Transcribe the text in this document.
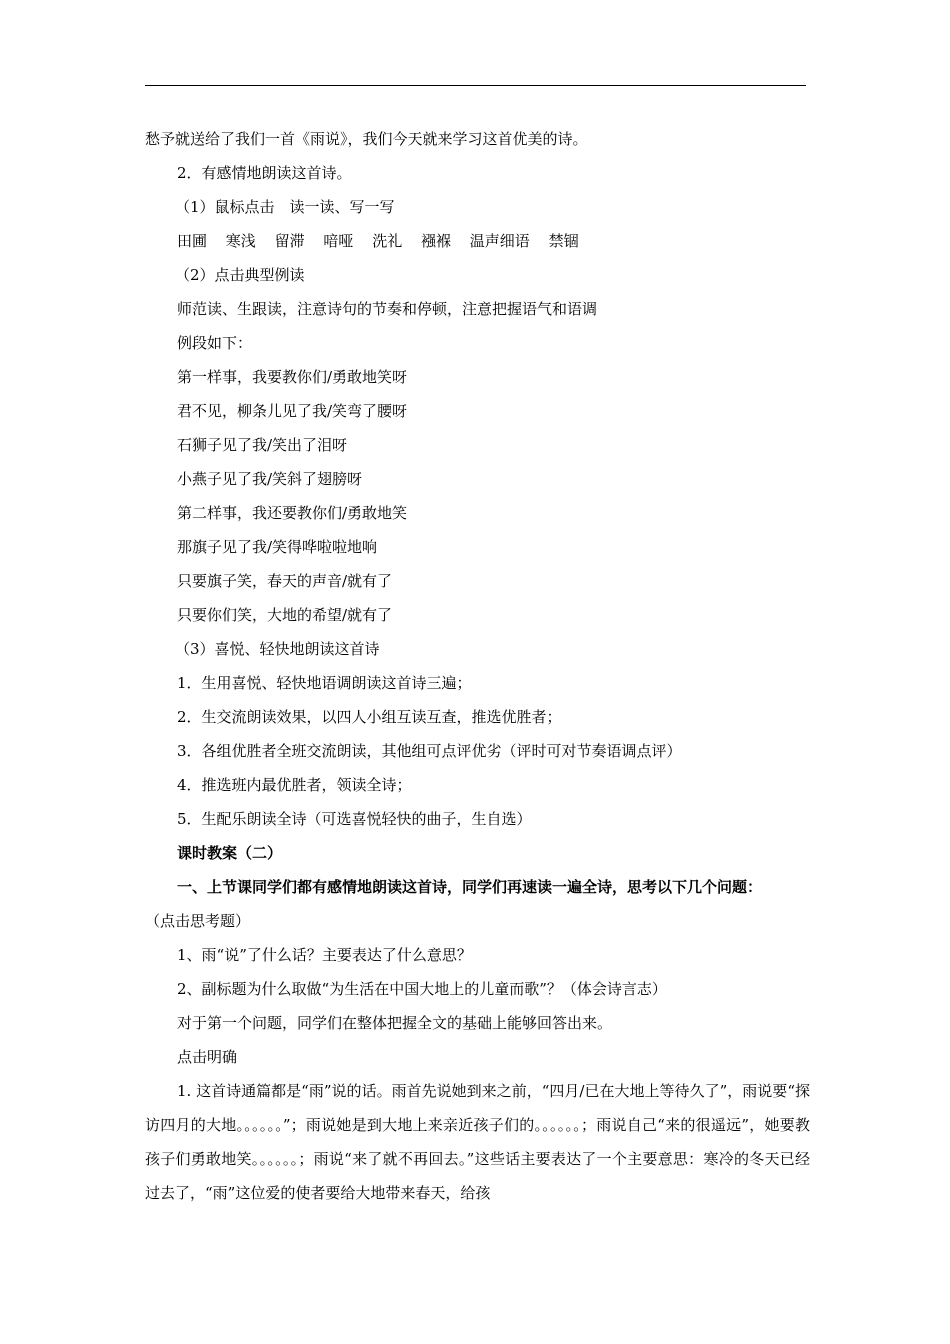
愁予就送给了我们一首《雨说》，我们今天就来学习这首优美的诗。
2．有感情地朗读这首诗。
（1）鼠标点击　读一读、写一写
田圃 寒浅 留滞 喑哑 洗礼 襁褓 温声细语 禁锢
（2）点击典型例读
师范读、生跟读，注意诗句的节奏和停顿，注意把握语气和语调
例段如下：
第一样事，我要教你们/勇敢地笑呀
君不见，柳条儿见了我/笑弯了腰呀
石狮子见了我/笑出了泪呀
小燕子见了我/笑斜了翅膀呀
第二样事，我还要教你们/勇敢地笑
那旗子见了我/笑得哗啦啦地响
只要旗子笑，春天的声音/就有了
只要你们笑，大地的希望/就有了
（3）喜悦、轻快地朗读这首诗
1．生用喜悦、轻快地语调朗读这首诗三遍；
2．生交流朗读效果，以四人小组互读互查，推选优胜者；
3．各组优胜者全班交流朗读，其他组可点评优劣（评时可对节奏语调点评）
4．推选班内最优胜者，领读全诗；
5．生配乐朗读全诗（可选喜悦轻快的曲子，生自选）
课时教案（二）
一、上节课同学们都有感情地朗读这首诗，同学们再速读一遍全诗，思考以下几个问题：
（点击思考题）
1、雨“说”了什么话？主要表达了什么意思？
2、副标题为什么取做“为生活在中国大地上的儿童而歌”？（体会诗言志）
对于第一个问题，同学们在整体把握全文的基础上能够回答出来。
点击明确

1. 这首诗通篇都是“雨”说的话。雨首先说她到来之前，“四月/已在大地上等待久了”，雨说要“探访四月的大地。。。。。。”；雨说她是到大地上来亲近孩子们的。。。。。。；雨说自己“来的很遥远”，她要教孩子们勇敢地笑。。。。。。；雨说“来了就不再回去。”这些话主要表达了一个主要意思：寒冷的冬天已经过去了，“雨”这位爱的使者要给大地带来春天，给孩
